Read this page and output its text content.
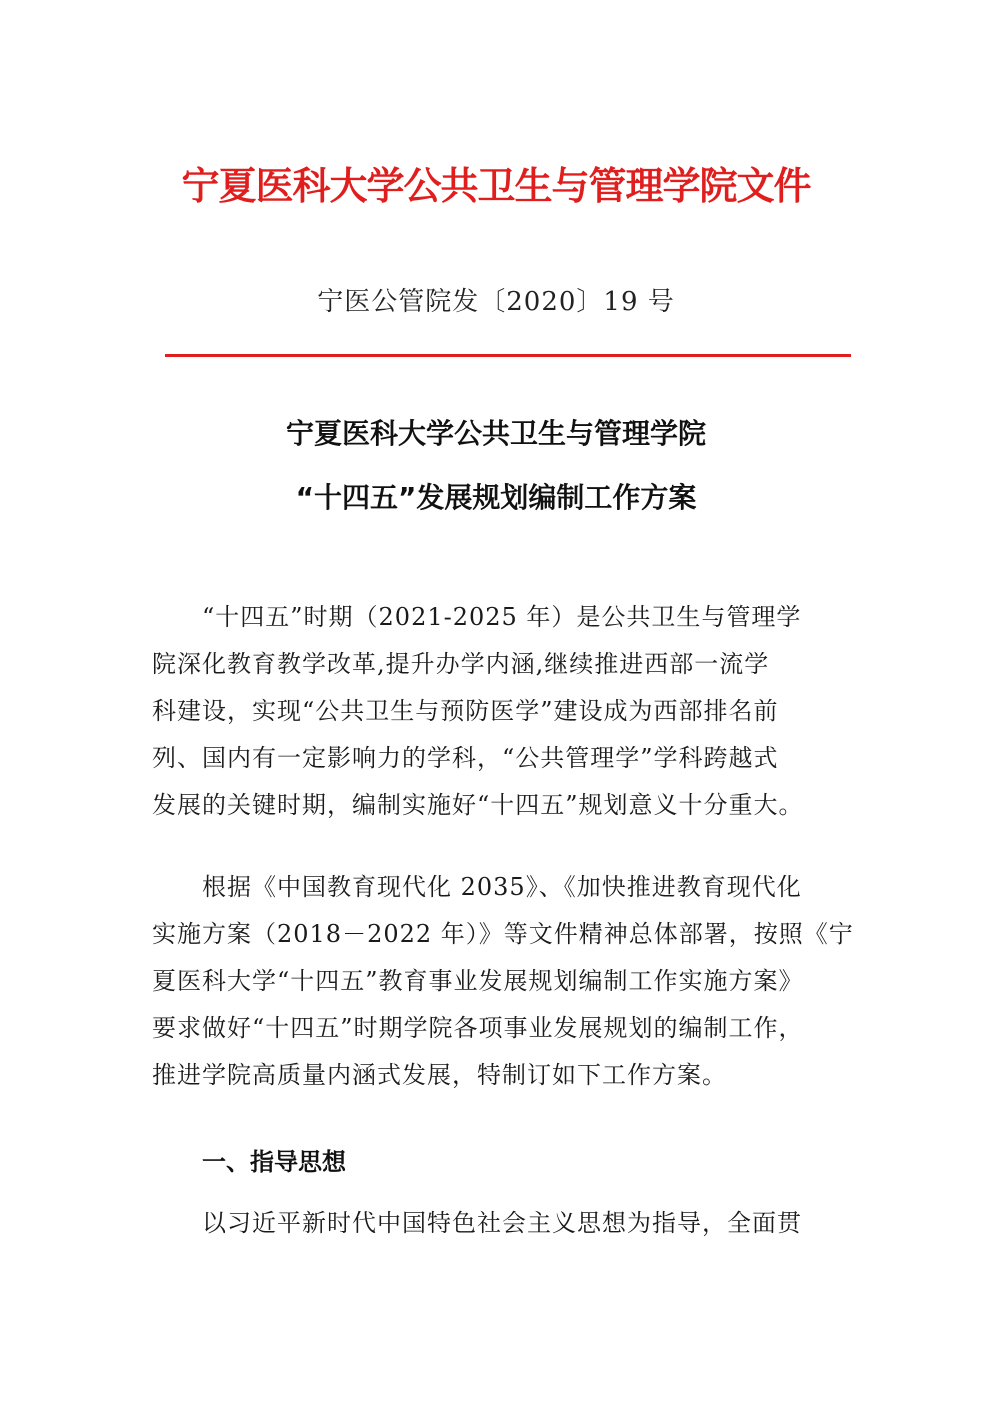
宁夏医科大学公共卫生与管理学院文件
宁医公管院发〔2020〕19 号
宁夏医科大学公共卫生与管理学院
“十四五”发展规划编制工作方案
“十四五”时期（2021-2025 年）是公共卫生与管理学
院深化教育教学改革,提升办学内涵,继续推进西部一流学
科建设，实现“公共卫生与预防医学”建设成为西部排名前
列、国内有一定影响力的学科，“公共管理学”学科跨越式
发展的关键时期，编制实施好“十四五”规划意义十分重大。
根据《中国教育现代化 2035》、《加快推进教育现代化
实施方案（2018－2022 年）》等文件精神总体部署，按照《宁
夏医科大学“十四五”教育事业发展规划编制工作实施方案》
要求做好“十四五”时期学院各项事业发展规划的编制工作，
推进学院高质量内涵式发展，特制订如下工作方案。
一、指导思想
以习近平新时代中国特色社会主义思想为指导，全面贯
